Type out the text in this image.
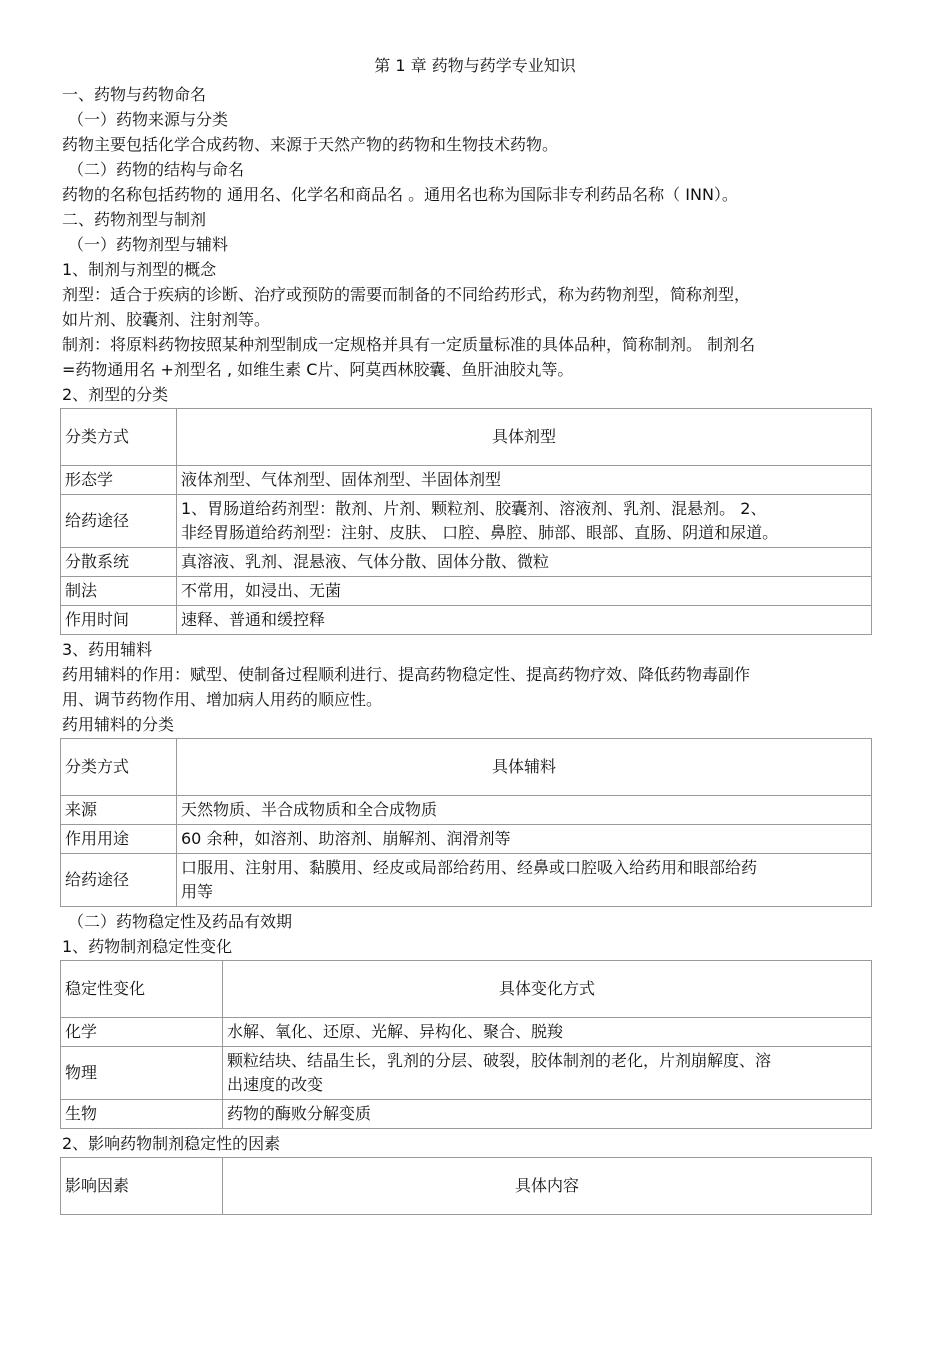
第 1 章 药物与药学专业知识
一、药物与药物命名
（一）药物来源与分类
药物主要包括化学合成药物、来源于天然产物的药物和生物技术药物。
（二）药物的结构与命名
药物的名称包括药物的 通用名、化学名和商品名 。通用名也称为国际非专利药品名称（ INN）。
二、药物剂型与制剂
（一）药物剂型与辅料
1、制剂与剂型的概念
剂型：适合于疾病的诊断、治疗或预防的需要而制备的不同给药形式，称为药物剂型，简称剂型，
如片剂、胶囊剂、注射剂等。
制剂：将原料药物按照某种剂型制成一定规格并具有一定质量标准的具体品种，简称制剂。 制剂名
=药物通用名 +剂型名 , 如维生素 C片、阿莫西林胶囊、鱼肝油胶丸等。
2、剂型的分类
分类方式	具体剂型
形态学	液体剂型、气体剂型、固体剂型、半固体剂型

给药途径	1、胃肠道给药剂型：散剂、片剂、颗粒剂、胶囊剂、溶液剂、乳剂、混悬剂。 2、
非经胃肠道给药剂型：注射、皮肤、 口腔、鼻腔、肺部、眼部、直肠、阴道和尿道。

分散系统	真溶液、乳剂、混悬液、气体分散、固体分散、微粒

制法	不常用，如浸出、无菌

作用时间	速释、普通和缓控释
3、药用辅料
药用辅料的作用：赋型、使制备过程顺利进行、提高药物稳定性、提高药物疗效、降低药物毒副作
用、调节药物作用、增加病人用药的顺应性。
药用辅料的分类
分类方式	具体辅料
来源	天然物质、半合成物质和全合成物质

作用用途	60 余种，如溶剂、助溶剂、崩解剂、润滑剂等

给药途径	口服用、注射用、黏膜用、经皮或局部给药用、经鼻或口腔吸入给药用和眼部给药
用等
（二）药物稳定性及药品有效期
1、药物制剂稳定性变化
稳定性变化	具体变化方式
化学	水解、氧化、还原、光解、异构化、聚合、脱羧

物理	颗粒结块、结晶生长，乳剂的分层、破裂，胶体制剂的老化，片剂崩解度、溶
出速度的改变

生物	药物的酶败分解变质
2、影响药物制剂稳定性的因素
影响因素	具体内容
